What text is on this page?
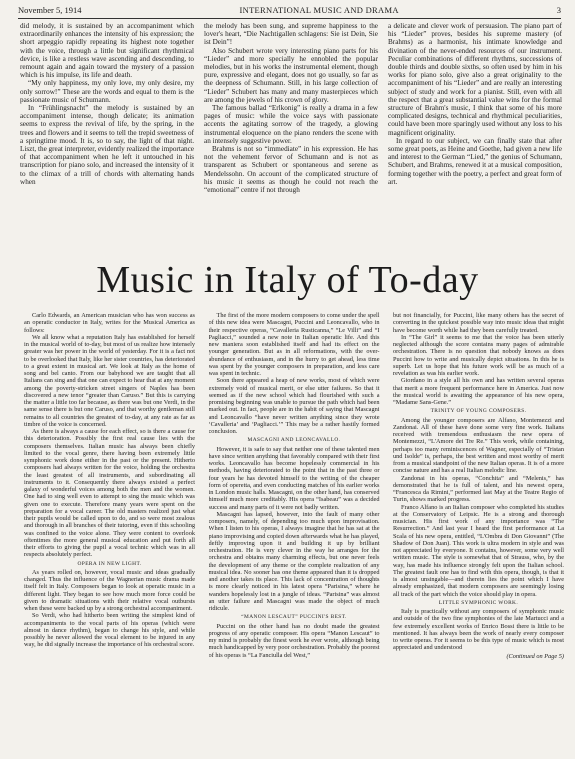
November 5, 1914	INTERNATIONAL MUSIC AND DRAMA	3

did melody, it is sustained by an accompaniment which extraordinarily enhances the intensity of his expression; the short arpeggio rapidly repeating its highest note together with the voice, through a little but significant rhythmical device, is like a restless wave ascending and descending, to remount again and again toward the mystery of a passion which is his impulse, its life and death.

“My only happiness, my only love, my only desire, my only sorrow!” These are the words and equal to them is the passionate music of Schumann.

In “Frühlingsnacht” the melody is sustained by an accompaniment intense, though delicate; its animation seems to express the revival of life, by the spring, in the trees and flowers and it seems to tell the trepid sweetness of a springtime mood. It is, so to say, the light of that night. Liszt, the great interpreter, evidently realized the importance of that accompaniment when he left it untouched in his transcription for piano solo, and increased the intensity of it to the climax of a trill of chords with alternating hands when

the melody has been sung, and supreme happiness to the lover's heart, “Die Nachtigallen schlagens: Sie ist Dein, Sie ist Dein”!

Also Schubert wrote very interesting piano parts for his “Lieder” and more specially he ennobled the popular melodies, but in his works the instrumental element, though pure, expressive and elegant, does not go usually, so far as the deepness of Schumann. Still, in his large collection of “Lieder” Schubert has many and many masterpieces which are among the jewels of his crown of glory.

The famous ballad “Erlkonig” is really a drama in a few pages of music: while the voice says with passionate accents the agitating sorrow of the tragedy, a glowing instrumental eloquence on the piano renders the scene with an intensely suggestive power.

Brahms is not so “immediate” in his expression. He has not the vehement fervor of Schumann and is not as transparent as Schubert or spontaneous and serene as Mendelssohn. On account of the complicated structure of his music it seems as though he could not reach the “emotional” centre if not through

a delicate and clever work of persuasion. The piano part of his “Lieder” proves, besides his supreme mastery (of Brahms) as a harmonist, his intimate knowledge and divination of the never-ended resources of our instrument. Peculiar combinations of different rhythms, successions of double thirds and double sixths, so often used by him in his works for piano solo, give also a great originality to the accompaniment of his “Lieder” and are really an interesting subject of study and work for a pianist. Still, even with all the respect that a great substantial value wins for the formal structure of Brahm's music, I think that some of his more complicated designs, technical and rhythmical peculiarities, could have been more sparingly used without any loss to his magnificent originality.

In regard to our subject, we can finally state that after some great poets, as Heine and Goethe, had given a new life and interest to the German “Lied,” the genius of Schumann, Schubert, and Brahms, renewed it at a musical composition, forming together with the poetry, a perfect and great form of art.

Music in Italy of To-day

Carlo Edwards, an American musician who has won success as an operatic conductor in Italy, writes for the Musical America as follows:

We all know what a reputation Italy has established for herself in the musical world of to-day, but most of us realize how intensely greater was her power in the world of yesterday. For it is a fact not to be overlooked that Italy, like her sister countries, has deteriorated to a great extent in musical art. We look at Italy as the home of song and bel canto. From our babyhood we are taught that all Italians can sing and that one can expect to hear that at any moment among the poverty-stricken street singers of Naples has been discovered a new tenor “greater than Caruso.” But this is carrying the matter a little too far because, as there was but one Verdi, in the same sense there is but one Caruso, and that worthy gentleman still remains to all countries the greatest of to-day, at any rate as far as timbre of the voice is concerned.

As there is always a cause for each effect, so is there a cause for this deterioration. Possibly the first real cause lies with the composers themselves. Italian music has always been chiefly limited to the vocal genre, there having been extremely little symphonic work done either in the past or the present. Hitherto composers had always written for the voice, holding the orchestra the least greatest of all instruments, and subordinating all instruments to it. Consequently there always existed a perfect galaxy of wonderful voices among both the men and the women. One had to sing well even to attempt to sing the music which was given one to execute. Therefore many years were spent on the preparation for a vocal career. The old masters realized just what their pupils would be called upon to do, and so were most zealous and thorough in all branches of their tutoring, even if this schooling was confined to the voice alone. They were content to overlook oftentimes the more general musical education and put forth all their efforts to giving the pupil a vocal technic which was in all respects absolutely perfect.

OPERA IN NEW LIGHT.

As years rolled on, however, vocal music and ideas gradually changed. Thus the influence of the Wagnerian music drama made itself felt in Italy. Composers began to look at operatic music in a different light. They began to see how much more force could be given to dramatic situations with their relative vocal outbursts when these were backed up by a strong orchestral accompaniment.

So Verdi, who had hitherto been writing the simplest kind of accompaniments to the vocal parts of his operas (which were almost in dance rhythm), began to change his style, and while possibly he never allowed the vocal element to be injured in any way, he did signally increase the importance of his orchestral score.

The first of the more modern composers to come under the spell of this new idea were Mascagni, Puccini and Leoncavallo, who in their respective operas, “Cavalleria Rusticanna,” “Le Villi” and “I Pagliacci,” sounded a new note in Italian operatic life. And this new maniera soon established itself and had its effect on the younger generation. But as in all reformations, with the over-abundance of enthusiasm, and in the hurry to get ahead, less time was spent by the younger composers in preparation, and less care was spent in technic.

Soon there appeared a heap of new works, most of which were extremely void of musical merit, or else utter failures. So that it seemed as if the new school which had flourished with such a promising beginning was unable to pursue the path which had been marked out. In fact, people are in the habit of saying that Mascagni and Leoncavallo “have never written anything since they wrote ‘Cavalleria’ and ‘Pagliacci.’” This may be a rather hastily formed conclusion.

MASCAGNI AND LEONCAVALLO.

However, it is safe to say that neither one of these talented men have since written anything that favorably compared with their first works. Leoncavallo has become hopelessly commercial in his methods, having deteriorated to the point that in the past three or four years he has devoted himself to the writing of the cheaper form of operetta, and even conducting matches of his earlier works in London music halls. Mascagni, on the other hand, has conserved himself much more creditably. His opera “Isabeau” was a decided success and many parts of it were not badly written.

Mascagni has lapsed, however, into the fault of many other composers, namely, of depending too much upon improvisation. When I listen to his operas, I always imagine that he has sat at the piano improvising and copied down afterwards what he has played, deftly improving upon it and building it up by brilliant orchestration. He is very clever in the way he arranges for the orchestra and obtains many charming effects, but one never feels the development of any theme or the complete realization of any musical idea. No sooner has one theme appeared than it is dropped and another takes its place. This lack of concentration of thoughts is more clearly noticed in his latest opera “Parisina,” where he wanders hopelessly lost in a jungle of ideas. “Parisina” was almost an utter failure and Mascagni was made the object of much ridicule.

“MANON LESCAUT” PUCCINI'S BEST.

Puccini on the other hand has no doubt made the greatest progress of any operatic composer. His opera “Manon Lescaut” to my mind is probably the finest work he ever wrote, although being much handicapped by very poor orchestration. Probably the poorest of his operas is “La Fanciulla del West,”

but not financially, for Puccini, like many others has the secret of converting in the quickest possible way into music ideas that might have become worth while had they been carefully treated.

In “The Girl” it seems to me that the voice has been utterly neglected although the score contains many pages of admirable orchestration. There is no question that nobody knows as does Puccini how to write and musically depict situations. In this he is superb. Let us hope that his future work will be as much of a revelation as was his earlier work.

Giordano in a style all his own and has written several operas that merit a more frequent performance here in America. Just now the musical world is awaiting the appearance of his new opera, “Madame Sans-Gene.”

TRINITY OF YOUNG COMPOSERS.

Among the younger composers are Alfano, Montemezzi and Zandonai. All of these have done some very fine work. Italians received with tremendous enthusiasm the new opera of Montemezzi, “L'Amore dei Tre Re.” This work, while containing, perhaps too many reminiscences of Wagner, especially of “Tristan und Isolde” is, perhaps, the best written and most worthy of merit from a musical standpoint of the new Italian operas. It is of a more concise nature and has a real Italian melodic line.

Zandonai in his operas, “Conchita” and “Melenis,” has demonstrated that he is full of talent, and his newest opera, “Francesca da Rimini,” performed last May at the Teatre Regio of Turin, shows marked progress.

Franco Alfano is an Italian composer who completed his studies at the Conservatory of Leipsic. He is a strong and thorough musician. His first work of any importance was “The Resurrection.” And last year I heard the first performance at La Scala of his new opera, entitled, “L'Ombra di Don Giovanni” (The Shadow of Don Juan). This work is ultra modern in style and was not appreciated by everyone. It contains, however, some very well written music. The style is somewhat that of Strauss, who, by the way, has made his influence strongly felt upon the Italian school. The greatest fault one has to find with this opera, though, is that it is almost unsingable—and therein lies the point which I have already emphasized, that modern composers are seemingly losing all track of the part which the voice should play in opera.

LITTLE SYMPHONIC WORK.

Italy is practically without any composers of symphonic music and outside of the two fine symphonies of the late Martucci and a few extremely excellent works of Enrico Bossi there is little to be mentioned. It has always been the work of nearly every composer to write operas. For it seems to be this type of music which is most appreciated and understood

(Continued on Page 5)
